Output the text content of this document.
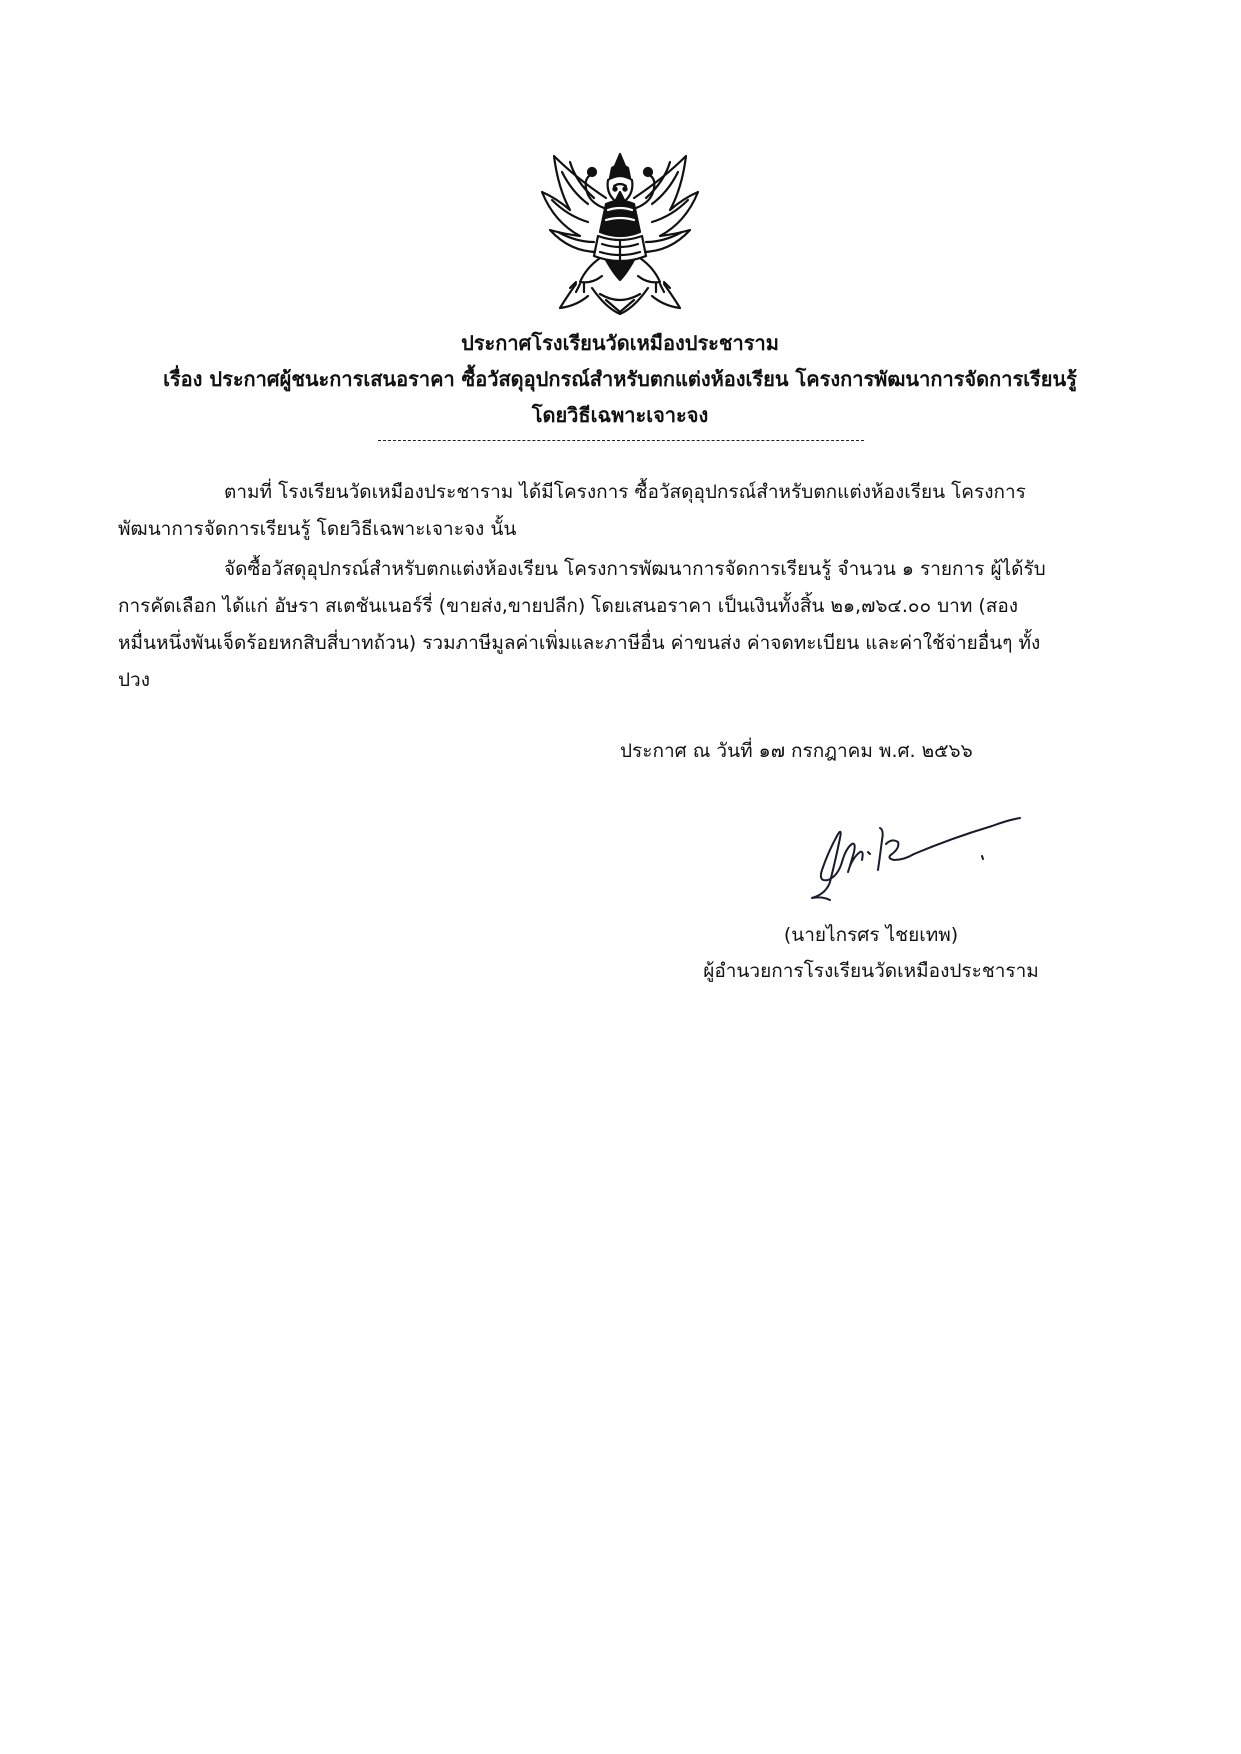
ประกาศโรงเรียนวัดเหมืองประชาราม
เรื่อง ประกาศผู้ชนะการเสนอราคา ซื้อวัสดุอุปกรณ์สำหรับตกแต่งห้องเรียน โครงการพัฒนาการจัดการเรียนรู้
โดยวิธีเฉพาะเจาะจง
ตามที่ โรงเรียนวัดเหมืองประชาราม ได้มีโครงการ ซื้อวัสดุอุปกรณ์สำหรับตกแต่งห้องเรียน โครงการ
พัฒนาการจัดการเรียนรู้ โดยวิธีเฉพาะเจาะจง นั้น
จัดซื้อวัสดุอุปกรณ์สำหรับตกแต่งห้องเรียน โครงการพัฒนาการจัดการเรียนรู้ จำนวน ๑ รายการ ผู้ได้รับ
การคัดเลือก ได้แก่ อัษรา สเตชันเนอร์รี่ (ขายส่ง,ขายปลีก) โดยเสนอราคา เป็นเงินทั้งสิ้น ๒๑,๗๖๔.๐๐ บาท (สอง
หมื่นหนึ่งพันเจ็ดร้อยหกสิบสี่บาทถ้วน) รวมภาษีมูลค่าเพิ่มและภาษีอื่น ค่าขนส่ง ค่าจดทะเบียน และค่าใช้จ่ายอื่นๆ ทั้ง
ปวง
ประกาศ ณ วันที่ ๑๗ กรกฎาคม พ.ศ. ๒๕๖๖
(นายไกรศร ไชยเทพ)
ผู้อำนวยการโรงเรียนวัดเหมืองประชาราม
